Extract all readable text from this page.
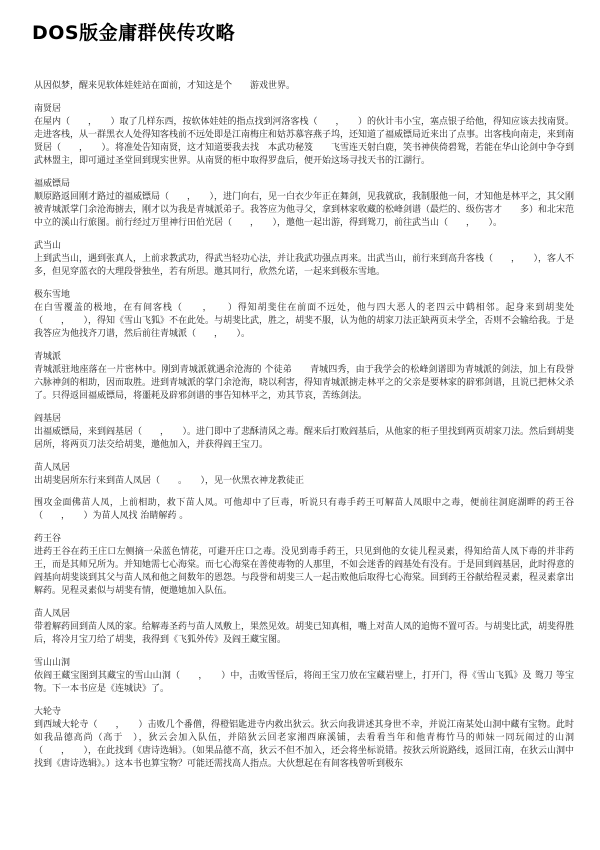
DOS版金庸群侠传攻略

从因似梦，醒来见软体娃娃站在面前，才知这是个　　游戏世界。

南贤居

在屋内（　　，　　）取了几样东西，按软体娃娃的指点找到河洛客栈（　　，　　）的伙计韦小宝，塞点银子给他，得知应该去找南贤。走进客栈，从一群黑衣人处得知客栈前不远处即是江南梅庄和姑苏慕容燕子坞，还知道了福威镖局近来出了点事。出客栈向南走，来到南贤居（　　，　　）。将准处告知南贤，这才知道要我去找　本武功秘笈　　飞雪连天射白鹿，笑书神侠倚碧鸳，若能在华山论剑中争夺到武林盟主，即可通过圣堂回到现实世界。从南贤的柜中取得罗盘后，便开始这场寻找天书的江湖行。

福威镖局

顺原路返回刚才路过的福威镖局（　　，　　），进门向右，见一白衣少年正在舞剑，见我就砍，我制服他一问，才知他是林平之，其父刚被青城派掌门余沧海掳去，刚才以为我是青城派弟子。我答应为他寻父，拿到林家收藏的松峰剑谱（最烂的、级伤害才　　多）和北宋范中立的溪山行旅图。前行经过万里神行田伯光居（　　，　　），邀他一起出游，得到鸳刀，前往武当山（　　，　　）。

武当山

上到武当山，遇到张真人，上前求教武功，得武当轻功心法，并让我武功强点再来。出武当山，前行来到高升客栈（　　，　　），客人不多，但见穿蓝衣的大理段誉独坐，若有所思。邀其同行，欣然允诺，一起来到极东雪地。

极东雪地

在白雪覆盖的极地，在有间客栈（　　，　　）得知胡斐住在前面不远处，他与四大恶人的老四云中鹤相邻。起身来到胡斐处（　　，　　），得知《雪山飞狐》不在此处。与胡斐比武，胜之，胡斐不服，认为他的胡家刀法正缺两页未学全，否则不会输给我。于是我答应为他找齐刀谱，然后前往青城派（　　，　　）。

青城派

青城派驻地座落在一片密林中。刚到青城派就遇余沧海的 个徒弟　　青城四秀，由于我学会的松峰剑谱即为青城派的剑法，加上有段誉六脉神剑的相助，因而取胜。进到青城派的掌门余沧海，晓以利害，得知青城派掳走林平之的父亲是要林家的辟邪剑谱，且说已把林父杀了。只得返回福威镖局，将噩耗及辟邪剑谱的事告知林平之，劝其节哀，苦练剑法。

阎基居

出福威镖局，来到阎基居（　　，　　）。进门即中了悲酥清风之毒。醒来后打败阎基后，从他家的柜子里找到两页胡家刀法。然后到胡斐居所，将两页刀法交给胡斐，邀他加入，并获得阎王宝刀。

苗人凤居

出胡斐居所东行来到苗人凤居（　　。　　），见一伙黑衣神龙教徒正

围攻金面佛苗人凤，上前相助，救下苗人凤。可他却中了巨毒，听说只有毒手药王可解苗人凤眼中之毒，便前往洞庭湖畔的药王谷（　　，　　）为苗人凤找 治睛解药 。

药王谷

进药王谷在药王庄口左侧摘一朵蓝色情花，可避开庄口之毒。没见到毒手药王，只见到他的女徒儿程灵素，得知给苗人凤下毒的并非药王，而是其师兄所为。并知她需七心海棠。而七心海棠在善使毒物的人那里，不如会迷香的阎基处有没有。于是回到阎基居，此时得意的阎基向胡斐谈到其父与苗人凤和他之间数年的恩怨。与段誉和胡斐三人一起击败他后取得七心海棠。回到药王谷献给程灵素，程灵素拿出解药。见程灵素似与胡斐有情，便邀她加入队伍。

苗人凤居

带着解药回到苗人凤的家。给解毒圣药与苗人凤敷上，果然见效。胡斐已知真相，嘴上对苗人凤的追悔不置可否。与胡斐比武，胡斐得胜后，将冷月宝刀给了胡斐，我得到《飞狐外传》及阎王藏宝图。

雪山山洞

依阎王藏宝图到其藏宝的雪山山洞（　　，　　）中，击败雪怪后，将阎王宝刀放在宝藏岩壁上，打开门，得《雪山飞狐》及 鸳刀 等宝物。下一本书应是《连城诀》了。

大轮寺

到西域大轮寺（　　，　　）击败几个番僧，得橙铝匙进寺内救出狄云。狄云向我讲述其身世不幸，并说江南某处山洞中藏有宝物。此时如我品德高尚（高于　），狄云会加入队伍，并陪狄云回老家湘西麻溪铺，去看看当年和他青梅竹马的师妹一同玩闹过的山洞（　　，　　），在此找到《唐诗选辑》。（如果品德不高，狄云不但不加入，还会将坐标说错。按狄云所说路线，返回江南，在狄云山洞中找到《唐诗选辑》。）这本书也算宝物？可能还需找高人指点。大伙想起在有间客栈曾听到极东
